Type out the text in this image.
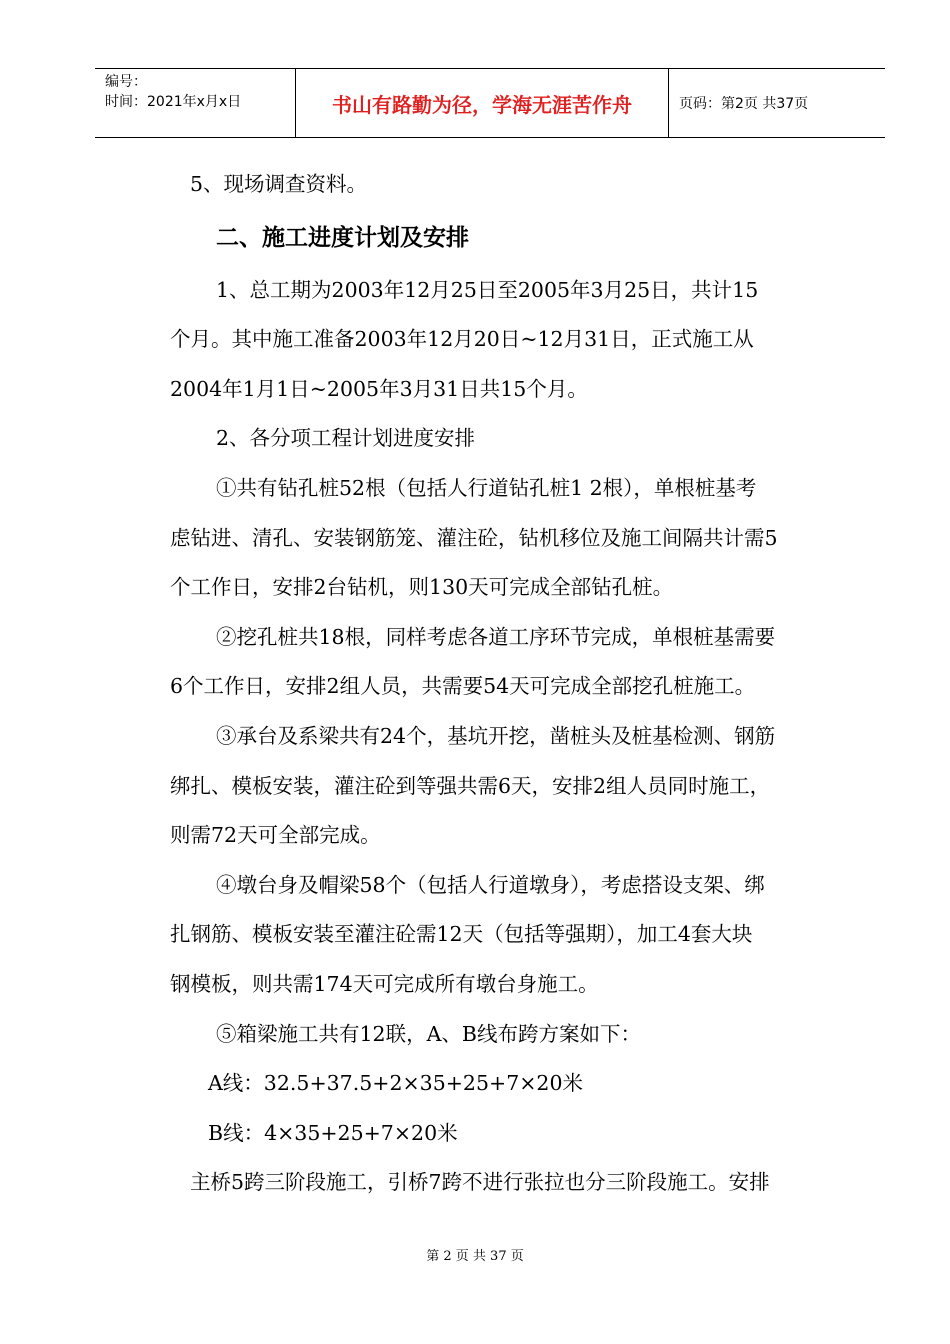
编号：
时间：2021年x月x日	书山有路勤为径，学海无涯苦作舟	页码：第2页 共37页

5、现场调查资料。

二、施工进度计划及安排

1、总工期为2003年12月25日至2005年3月25日，共计15

个月。其中施工准备2003年12月20日~12月31日，正式施工从

2004年1月1日~2005年3月31日共15个月。

2、各分项工程计划进度安排

①共有钻孔桩52根（包括人行道钻孔桩1 2根），单根桩基考

虑钻进、清孔、安装钢筋笼、灌注砼，钻机移位及施工间隔共计需5

个工作日，安排2台钻机，则130天可完成全部钻孔桩。

②挖孔桩共18根，同样考虑各道工序环节完成，单根桩基需要

6个工作日，安排2组人员，共需要54天可完成全部挖孔桩施工。

③承台及系梁共有24个，基坑开挖，凿桩头及桩基检测、钢筋

绑扎、模板安装，灌注砼到等强共需6天，安排2组人员同时施工，

则需72天可全部完成。

④墩台身及帽梁58个（包括人行道墩身），考虑搭设支架、绑

扎钢筋、模板安装至灌注砼需12天（包括等强期），加工4套大块

钢模板，则共需174天可完成所有墩台身施工。

⑤箱梁施工共有12联，A、B线布跨方案如下：

A线：32.5+37.5+2×35+25+7×20米

B线：4×35+25+7×20米

主桥5跨三阶段施工，引桥7跨不进行张拉也分三阶段施工。安排

第 2 页 共 37 页
